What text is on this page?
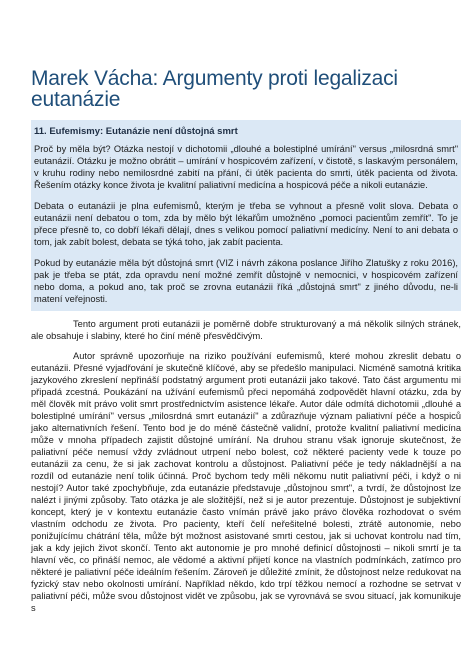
Marek Vácha: Argumenty proti legalizaci
eutanázie
11. Eufemismy: Eutanázie není důstojná smrt

Proč by měla být? Otázka nestojí v dichotomii „dlouhé a bolestiplné umírání" versus „milosrdná smrt" eutanázií. Otázku je možno obrátit – umírání v hospicovém zařízení, v čistotě, s laskavým personálem, v kruhu rodiny nebo nemilosrdné zabití na přání, či útěk pacienta do smrti, útěk pacienta od života. Řešením otázky konce života je kvalitní paliativní medicína a hospicová péče a nikoli eutanázie.

Debata o eutanázii je plna eufemismů, kterým je třeba se vyhnout a přesně volit slova. Debata o eutanázii není debatou o tom, zda by mělo být lékařům umožněno „pomoci pacientům zemřít". To je přece přesně to, co dobří lékaři dělají, dnes s velikou pomocí paliativní medicíny. Není to ani debata o tom, jak zabít bolest, debata se týká toho, jak zabít pacienta.

Pokud by eutanázie měla být důstojná smrt (VIZ i návrh zákona poslance Jiřího Zlatušky z roku 2016), pak je třeba se ptát, zda opravdu není možné zemřít důstojně v nemocnici, v hospicovém zařízení nebo doma, a pokud ano, tak proč se zrovna eutanázii říká „důstojná smrt" z jiného důvodu, ne-li matení veřejnosti.

Tento argument proti eutanázii je poměrně dobře strukturovaný a má několik silných stránek, ale obsahuje i slabiny, které ho činí méně přesvědčivým.

Autor správně upozorňuje na riziko používání eufemismů, které mohou zkreslit debatu o eutanázii. Přesné vyjadřování je skutečně klíčové, aby se předešlo manipulaci. Nicméně samotná kritika jazykového zkreslení nepřináší podstatný argument proti eutanázii jako takové. Tato část argumentu mi připadá zcestná. Poukázání na užívání eufemismů přeci nepomáhá zodpovědět hlavní otázku, zda by měl člověk mít právo volit smrt prostřednictvím asistence lékaře. Autor dále odmítá dichotomii „dlouhé a bolestiplné umírání" versus „milosrdná smrt eutanázií" a zdůrazňuje význam paliativní péče a hospiců jako alternativních řešení. Tento bod je do méně částečně validní, protože kvalitní paliativní medicína může v mnoha případech zajistit důstojné umírání. Na druhou stranu však ignoruje skutečnost, že paliativní péče nemusí vždy zvládnout utrpení nebo bolest, což některé pacienty vede k touze po eutanázii za cenu, že si jak zachovat kontrolu a důstojnost. Paliativní péče je tedy nákladnější a na rozdíl od eutanázie není tolik účinná. Proč bychom tedy měli někomu nutit paliativní péči, i když o ni nestojí? Autor také zpochybňuje, zda eutanázie představuje „důstojnou smrt", a tvrdí, že důstojnost lze nalézt i jinými způsoby. Tato otázka je ale složitější, než si je autor prezentuje. Důstojnost je subjektivní koncept, který je v kontextu eutanázie často vnímán právě jako právo člověka rozhodovat o svém vlastním odchodu ze života. Pro pacienty, kteří čelí neřešitelné bolesti, ztrátě autonomie, nebo ponižujícímu chátrání těla, může být možnost asistované smrti cestou, jak si uchovat kontrolu nad tím, jak a kdy jejich život skončí. Tento akt autonomie je pro mnohé definicí důstojnosti – nikoli smrtí je ta hlavní věc, co přináší nemoc, ale vědomé a aktivní přijetí konce na vlastních podmínkách, zatímco pro některé je paliativní péče ideálním řešením. Zároveň je důležité zmínit, že důstojnost nelze redukovat na fyzický stav nebo okolnosti umírání. Například někdo, kdo trpí těžkou nemocí a rozhodne se setrvat v paliativní péči, může svou důstojnost vidět ve způsobu, jak se vyrovnává se svou situací, jak komunikuje s
